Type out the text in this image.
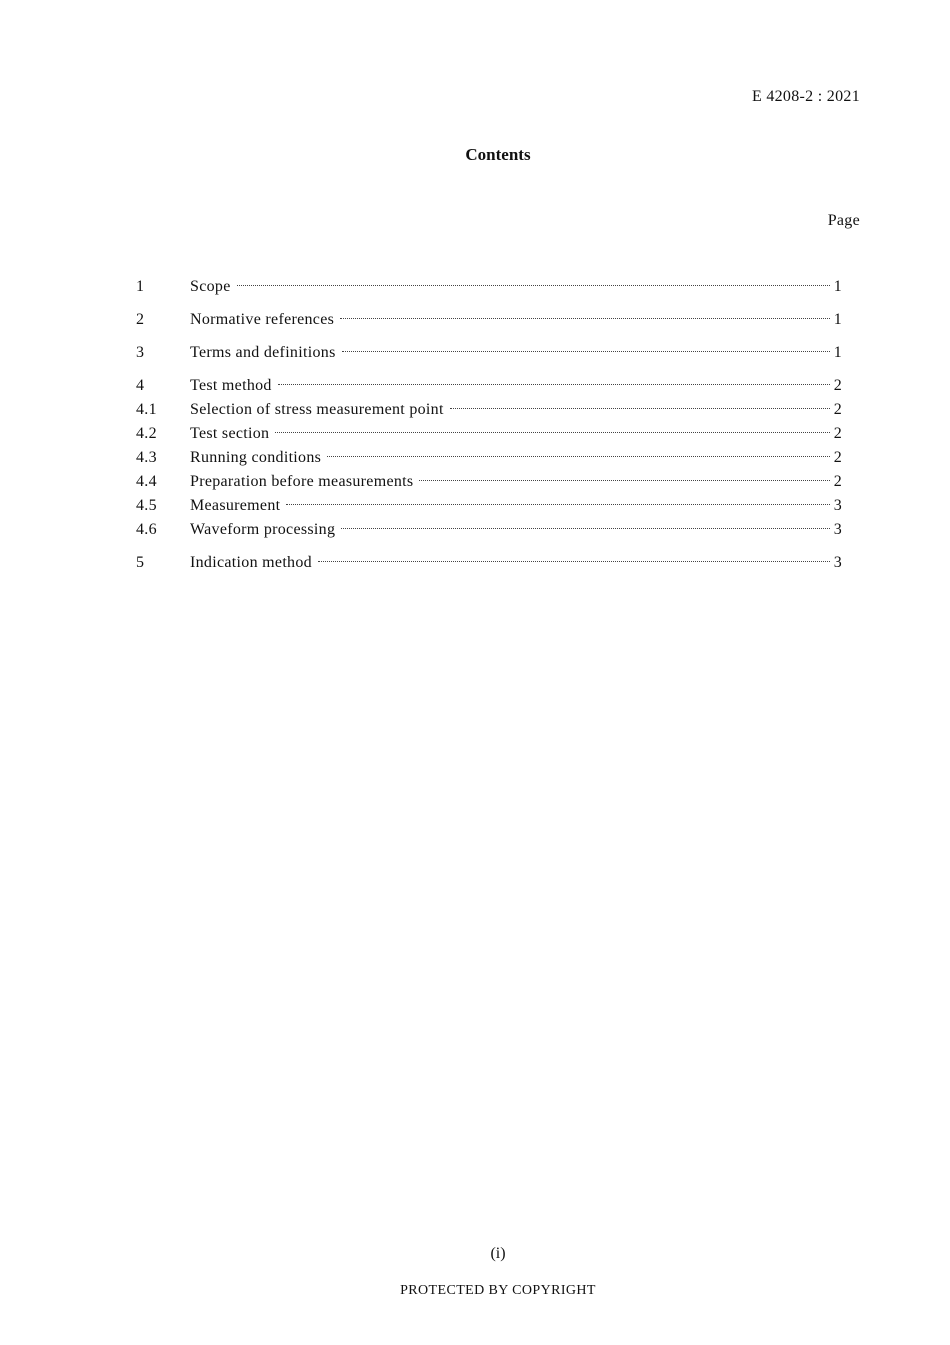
E 4208-2 : 2021
Contents
Page
1	Scope	1
2	Normative references	1
3	Terms and definitions	1
4	Test method	2
4.1	Selection of stress measurement point	2
4.2	Test section	2
4.3	Running conditions	2
4.4	Preparation before measurements	2
4.5	Measurement	3
4.6	Waveform processing	3
5	Indication method	3
(i)
PROTECTED BY COPYRIGHT
